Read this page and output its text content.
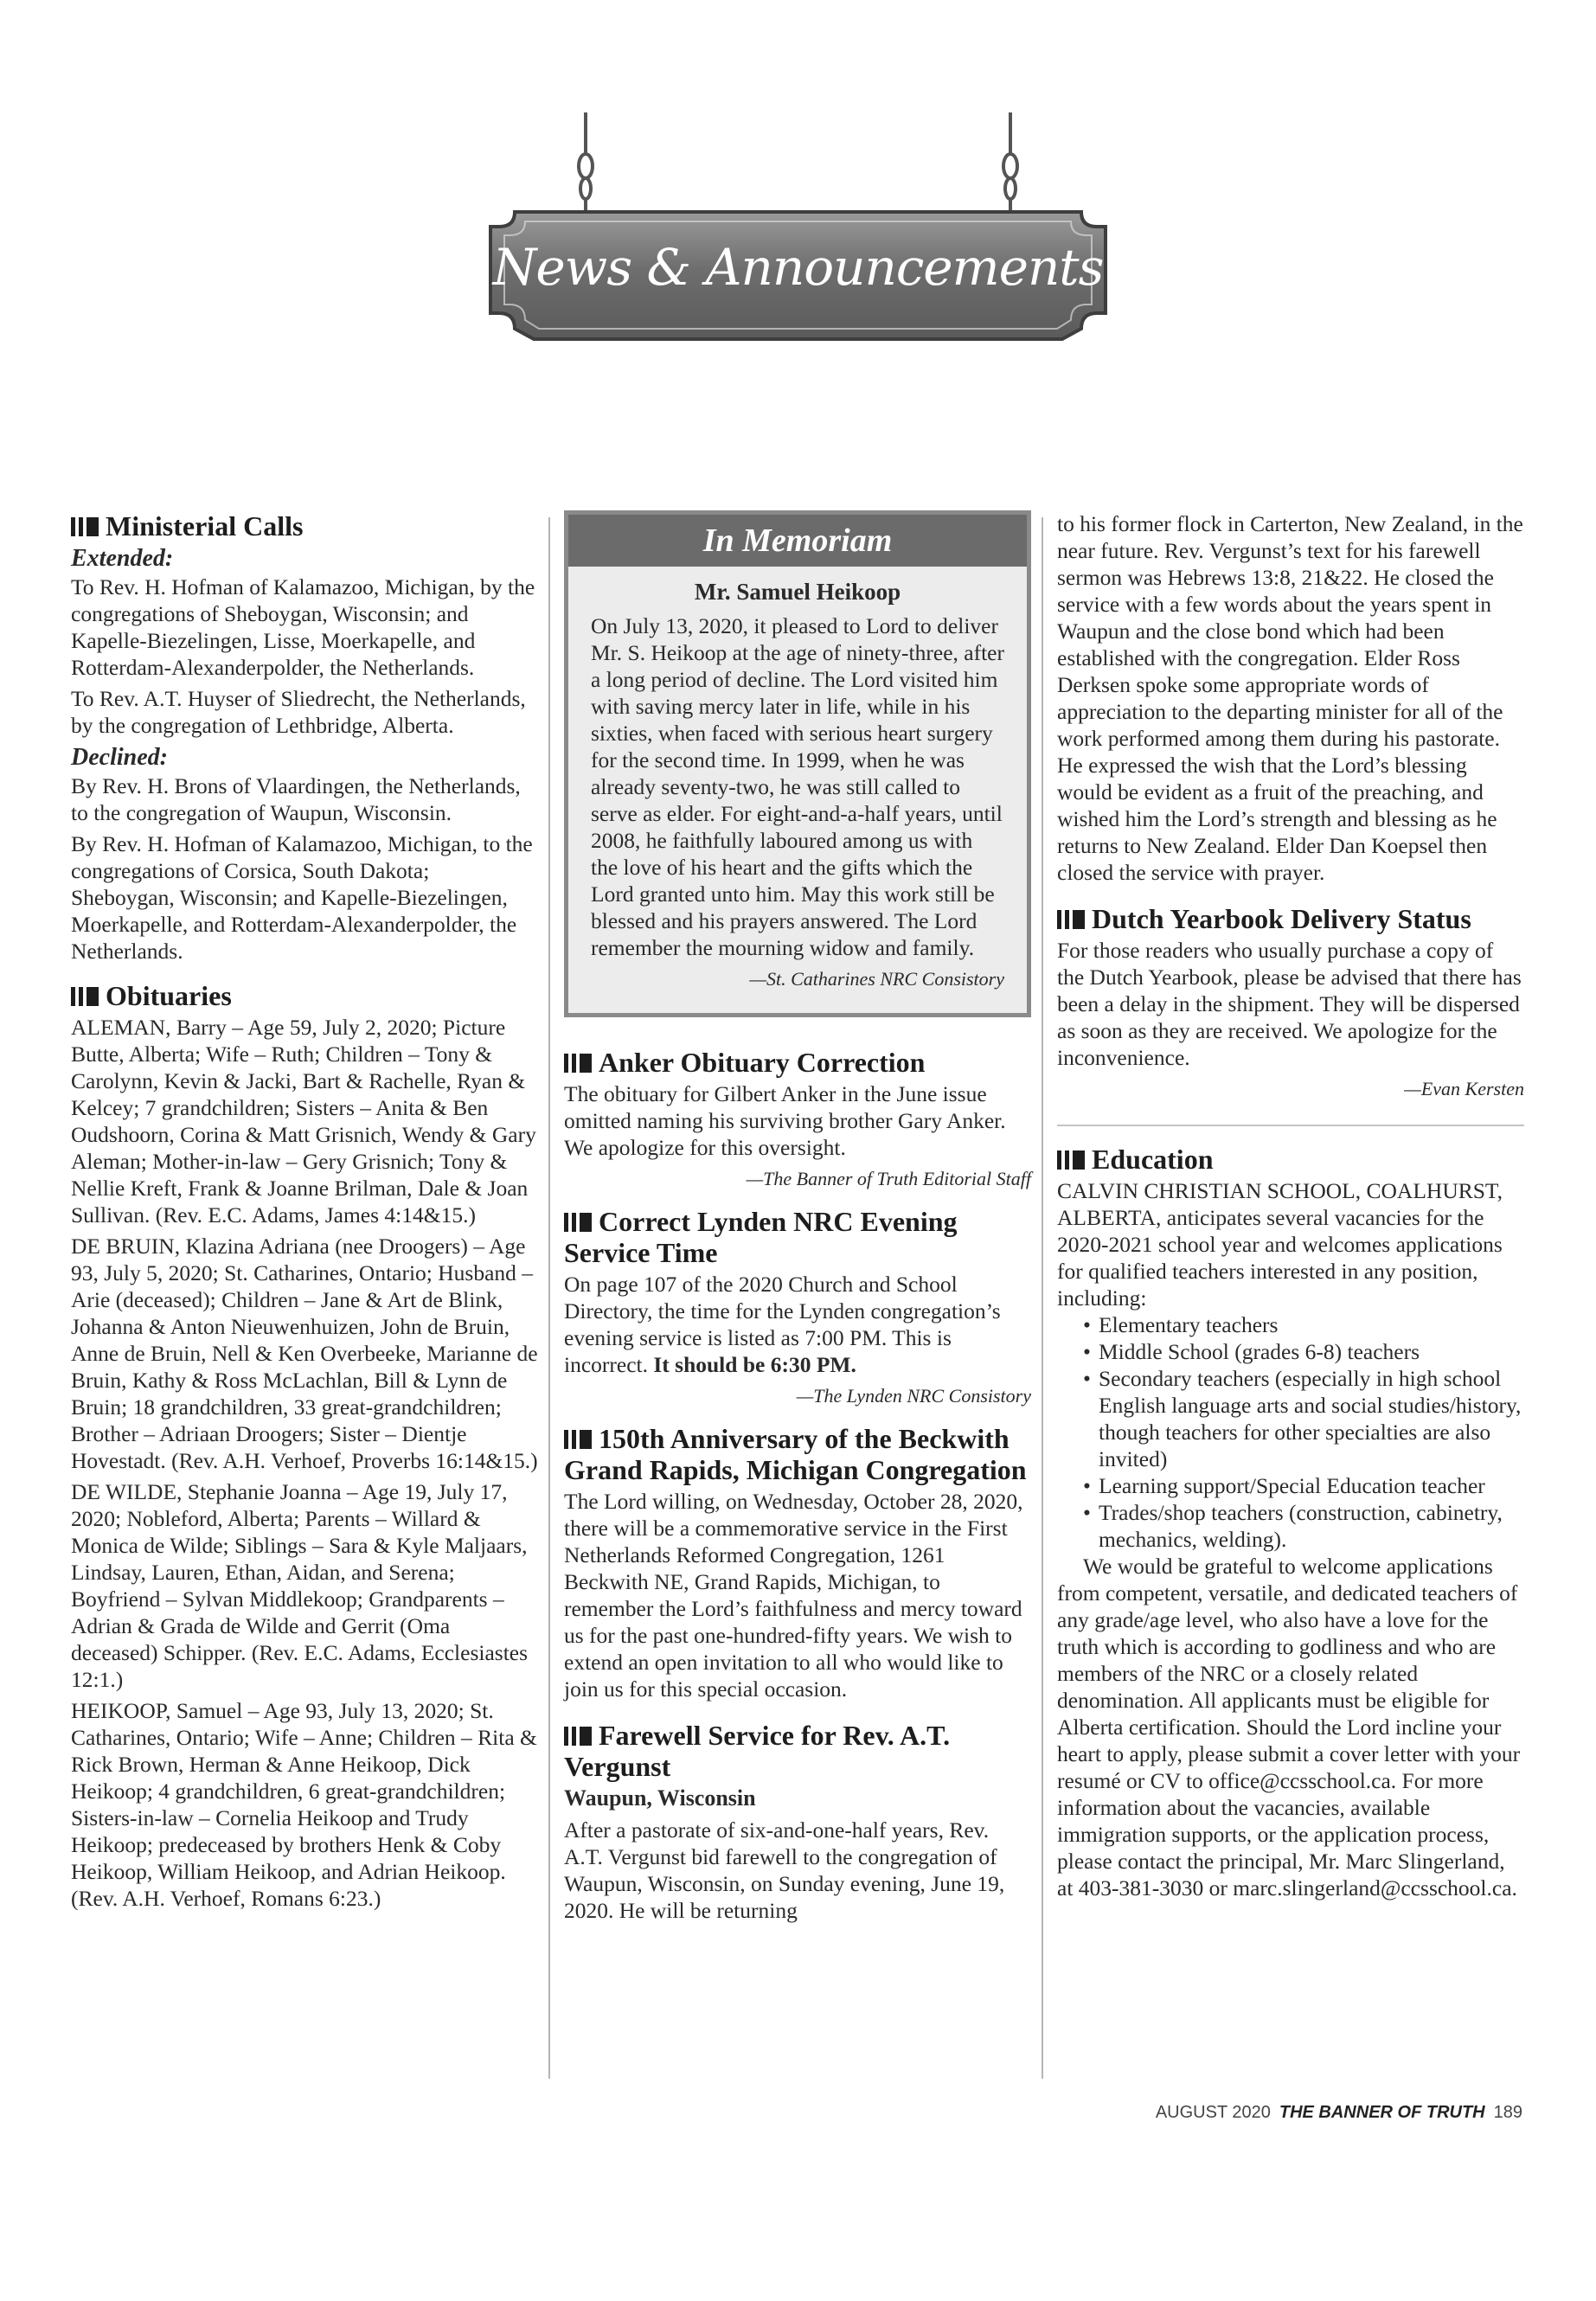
News & Announcements
Ministerial Calls
Extended:

To Rev. H. Hofman of Kalamazoo, Michigan, by the congregations of Sheboygan, Wisconsin; and Kapelle-Biezelingen, Lisse, Moerkapelle, and Rotterdam-Alexanderpolder, the Netherlands.

To Rev. A.T. Huyser of Sliedrecht, the Netherlands, by the congregation of Lethbridge, Alberta.

Declined:

By Rev. H. Brons of Vlaardingen, the Netherlands, to the congregation of Waupun, Wisconsin.

By Rev. H. Hofman of Kalamazoo, Michigan, to the congregations of Corsica, South Dakota; Sheboygan, Wisconsin; and Kapelle-Biezelingen, Moerkapelle, and Rotterdam-Alexanderpolder, the Netherlands.

Obituaries

ALEMAN, Barry – Age 59, July 2, 2020; Picture Butte, Alberta; Wife – Ruth; Children – Tony & Carolynn, Kevin & Jacki, Bart & Rachelle, Ryan & Kelcey; 7 grandchildren; Sisters – Anita & Ben Oudshoorn, Corina & Matt Grisnich, Wendy & Gary Aleman; Mother-in-law – Gery Grisnich; Tony & Nellie Kreft, Frank & Joanne Brilman, Dale & Joan Sullivan. (Rev. E.C. Adams, James 4:14&15.)

DE BRUIN, Klazina Adriana (nee Droogers) – Age 93, July 5, 2020; St. Catharines, Ontario; Husband – Arie (deceased); Children – Jane & Art de Blink, Johanna & Anton Nieuwenhuizen, John de Bruin, Anne de Bruin, Nell & Ken Overbeeke, Marianne de Bruin, Kathy & Ross McLachlan, Bill & Lynn de Bruin; 18 grandchildren, 33 great-grandchildren; Brother – Adriaan Droogers; Sister – Dientje Hovestadt. (Rev. A.H. Verhoef, Proverbs 16:14&15.)

DE WILDE, Stephanie Joanna – Age 19, July 17, 2020; Nobleford, Alberta; Parents – Willard & Monica de Wilde; Siblings – Sara & Kyle Maljaars, Lindsay, Lauren, Ethan, Aidan, and Serena; Boyfriend – Sylvan Middlekoop; Grandparents – Adrian & Grada de Wilde and Gerrit (Oma deceased) Schipper. (Rev. E.C. Adams, Ecclesiastes 12:1.)

HEIKOOP, Samuel – Age 93, July 13, 2020; St. Catharines, Ontario; Wife – Anne; Children – Rita & Rick Brown, Herman & Anne Heikoop, Dick Heikoop; 4 grandchildren, 6 great-grandchildren; Sisters-in-law – Cornelia Heikoop and Trudy Heikoop; predeceased by brothers Henk & Coby Heikoop, William Heikoop, and Adrian Heikoop. (Rev. A.H. Verhoef, Romans 6:23.)

In Memoriam
Mr. Samuel Heikoop

On July 13, 2020, it pleased to Lord to deliver Mr. S. Heikoop at the age of ninety-three, after a long period of decline. The Lord visited him with saving mercy later in life, while in his sixties, when faced with serious heart surgery for the second time. In 1999, when he was already seventy-two, he was still called to serve as elder. For eight-and-a-half years, until 2008, he faithfully laboured among us with the love of his heart and the gifts which the Lord granted unto him. May this work still be blessed and his prayers answered. The Lord remember the mourning widow and family.

—St. Catharines NRC Consistory
Anker Obituary Correction

The obituary for Gilbert Anker in the June issue omitted naming his surviving brother Gary Anker. We apologize for this oversight.

—The Banner of Truth Editorial Staff
Correct Lynden NRC Evening Service Time

On page 107 of the 2020 Church and School Directory, the time for the Lynden congregation’s evening service is listed as 7:00 PM. This is incorrect. It should be 6:30 PM.

—The Lynden NRC Consistory
150th Anniversary of the Beckwith Grand Rapids, Michigan Congregation

The Lord willing, on Wednesday, October 28, 2020, there will be a commemorative service in the First Netherlands Reformed Congregation, 1261 Beckwith NE, Grand Rapids, Michigan, to remember the Lord’s faithfulness and mercy toward us for the past one-hundred-fifty years. We wish to extend an open invitation to all who would like to join us for this special occasion.

Farewell Service for Rev. A.T. Vergunst
Waupun, Wisconsin

After a pastorate of six-and-one-half years, Rev. A.T. Vergunst bid farewell to the congregation of Waupun, Wisconsin, on Sunday evening, June 19, 2020. He will be returning

to his former flock in Carterton, New Zealand, in the near future. Rev. Vergunst’s text for his farewell sermon was Hebrews 13:8, 21&22. He closed the service with a few words about the years spent in Waupun and the close bond which had been established with the congregation. Elder Ross Derksen spoke some appropriate words of appreciation to the departing minister for all of the work performed among them during his pastorate. He expressed the wish that the Lord’s blessing would be evident as a fruit of the preaching, and wished him the Lord’s strength and blessing as he returns to New Zealand. Elder Dan Koepsel then closed the service with prayer.

Dutch Yearbook Delivery Status

For those readers who usually purchase a copy of the Dutch Yearbook, please be advised that there has been a delay in the shipment. They will be dispersed as soon as they are received. We apologize for the inconvenience.

—Evan Kersten
Education

CALVIN CHRISTIAN SCHOOL, COALHURST, ALBERTA, anticipates several vacancies for the 2020-2021 school year and welcomes applications for qualified teachers interested in any position, including:

• Elementary teachers
• Middle School (grades 6-8) teachers
• Secondary teachers (especially in high school English language arts and social studies/history, though teachers for other specialties are also invited)
• Learning support/Special Education teacher
• Trades/shop teachers (construction, cabinetry, mechanics, welding).

We would be grateful to welcome applications from competent, versatile, and dedicated teachers of any grade/age level, who also have a love for the truth which is according to godliness and who are members of the NRC or a closely related denomination. All applicants must be eligible for Alberta certification. Should the Lord incline your heart to apply, please submit a cover letter with your resumé or CV to office@ccsschool.ca. For more information about the vacancies, available immigration supports, or the application process, please contact the principal, Mr. Marc Slingerland, at 403-381-3030 or marc.slingerland@ccsschool.ca.

AUGUST 2020 THE BANNER OF TRUTH 189
